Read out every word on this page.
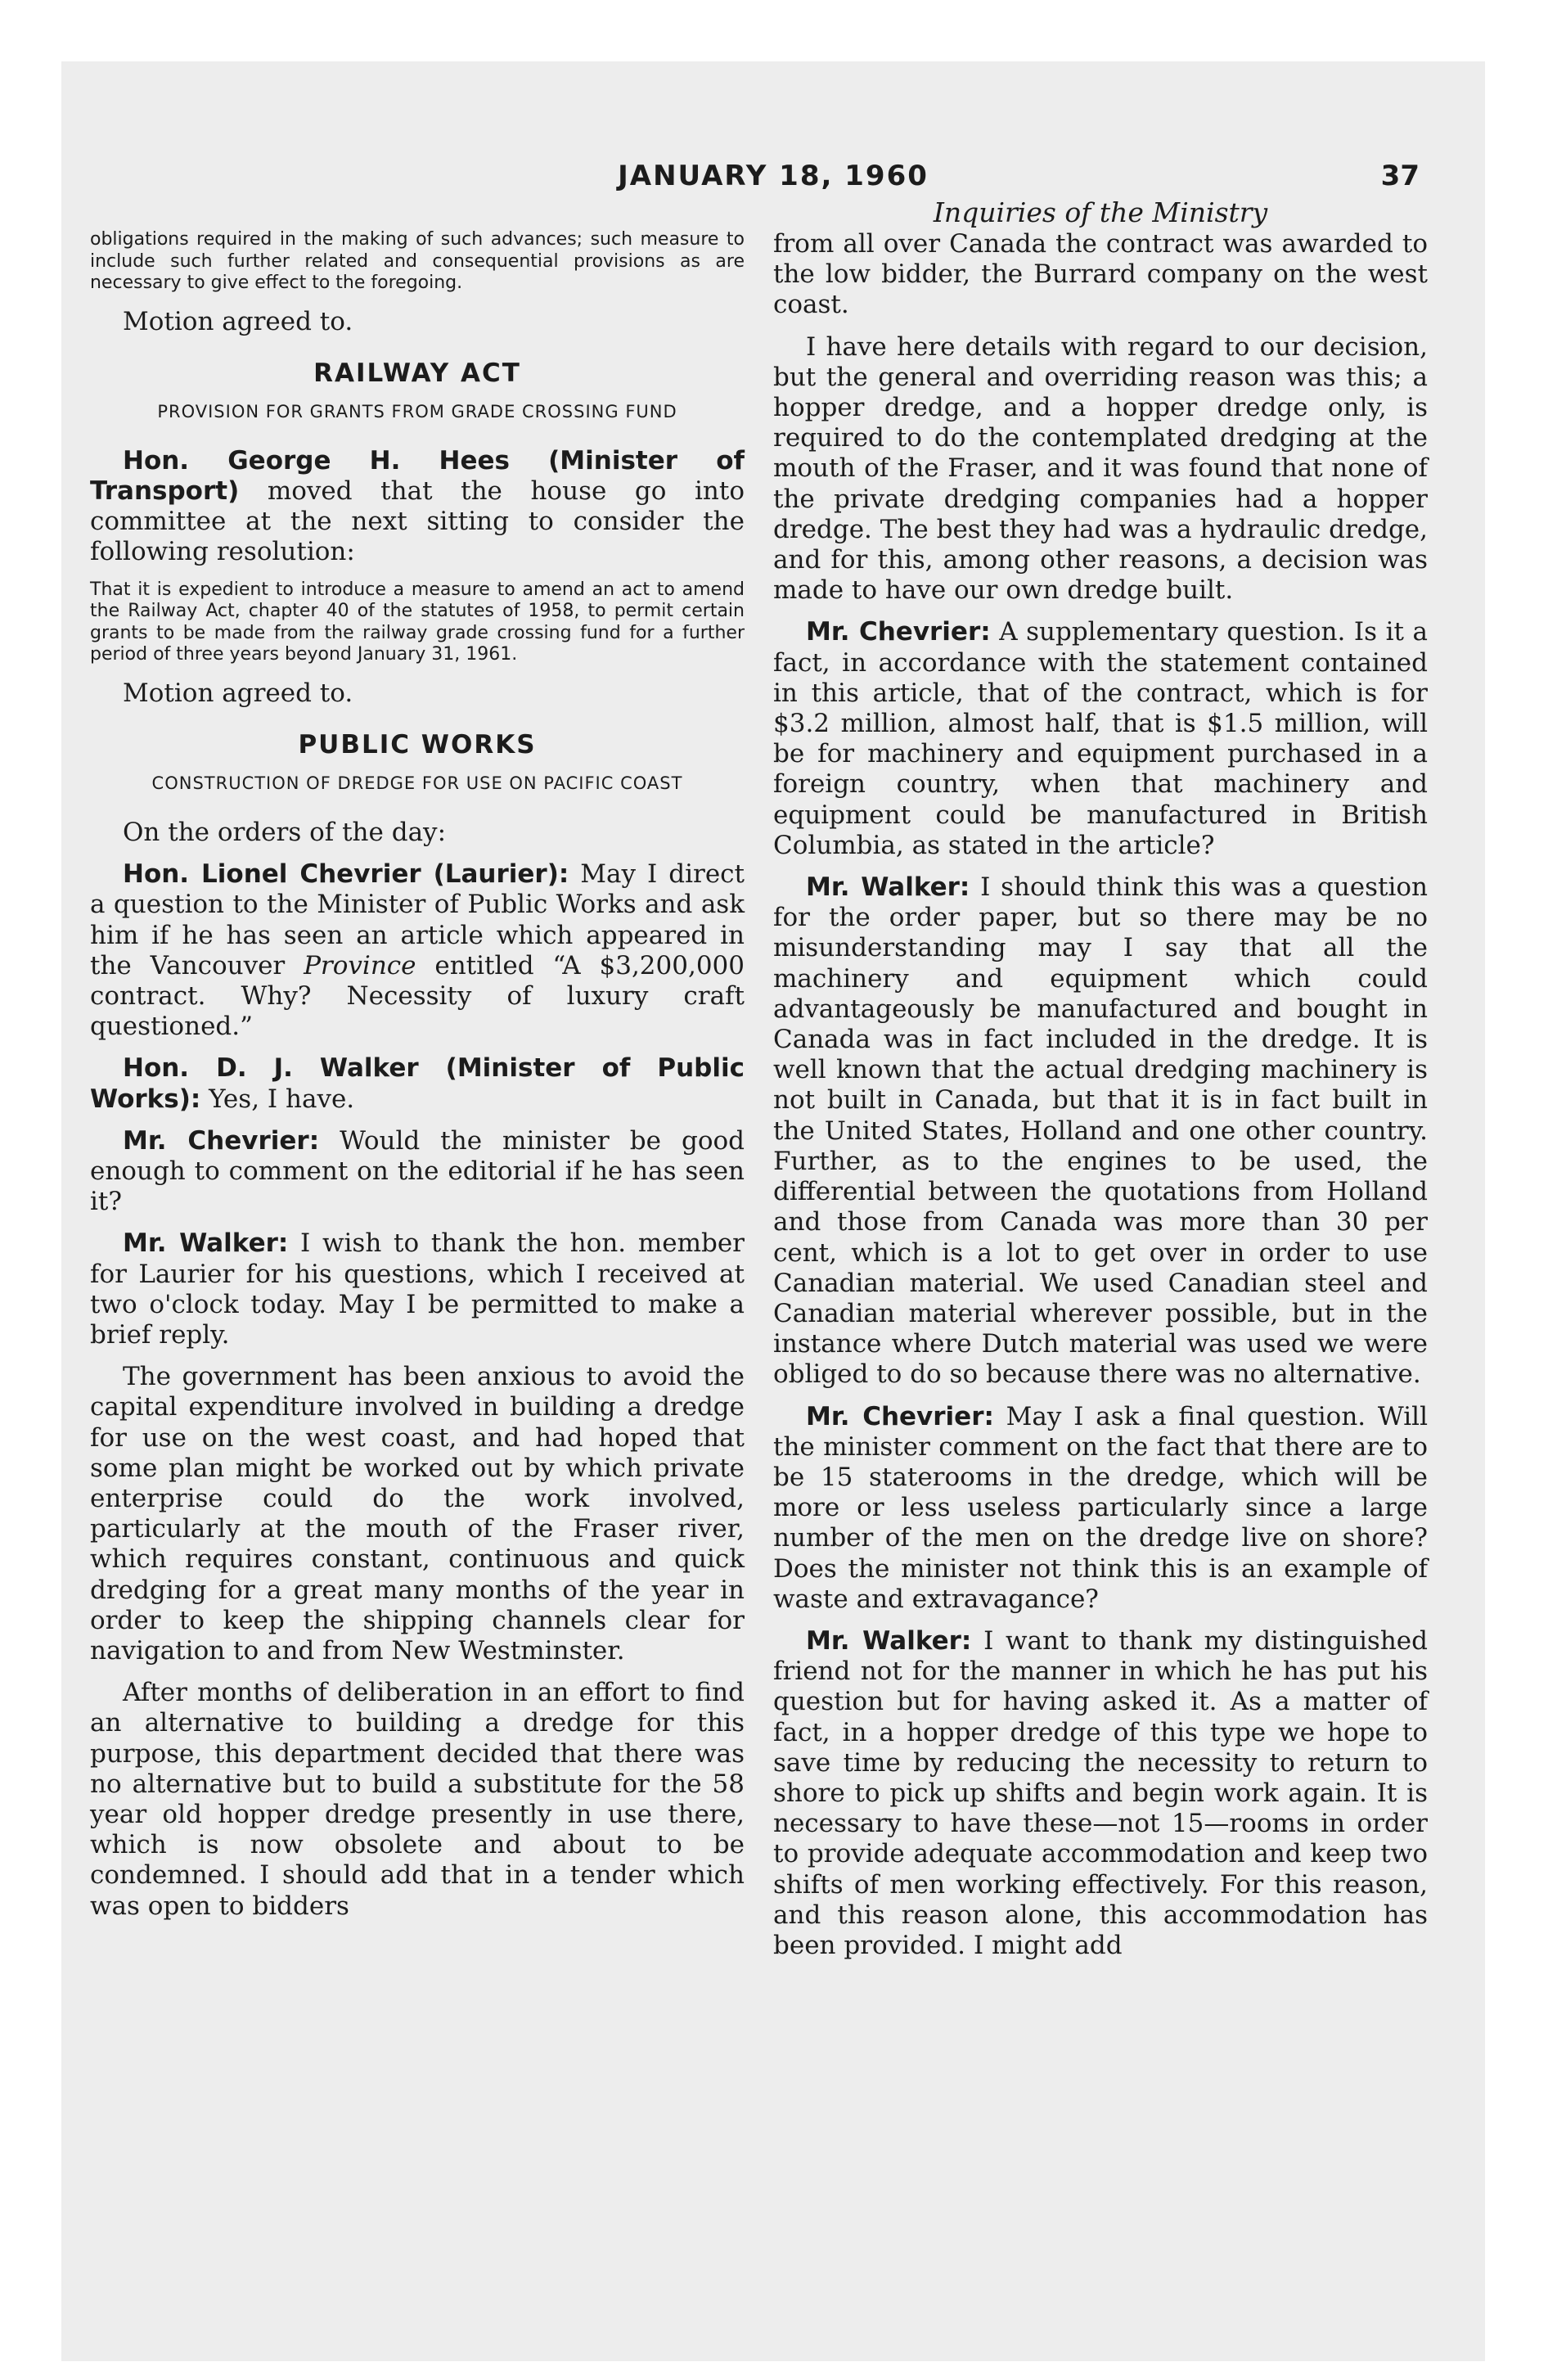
JANUARY 18, 1960	37

obligations required in the making of such advances; such measure to include such further related and consequential provisions as are necessary to give effect to the foregoing.

Motion agreed to.

RAILWAY ACT
PROVISION FOR GRANTS FROM GRADE CROSSING FUND

Hon. George H. Hees (Minister of Transport) moved that the house go into committee at the next sitting to consider the following resolution:

That it is expedient to introduce a measure to amend an act to amend the Railway Act, chapter 40 of the statutes of 1958, to permit certain grants to be made from the railway grade crossing fund for a further period of three years beyond January 31, 1961.

Motion agreed to.

PUBLIC WORKS
CONSTRUCTION OF DREDGE FOR USE ON PACIFIC COAST

On the orders of the day:

Hon. Lionel Chevrier (Laurier): May I direct a question to the Minister of Public Works and ask him if he has seen an article which appeared in the Vancouver Province entitled “A $3,200,000 contract. Why? Necessity of luxury craft questioned.”

Hon. D. J. Walker (Minister of Public Works): Yes, I have.

Mr. Chevrier: Would the minister be good enough to comment on the editorial if he has seen it?

Mr. Walker: I wish to thank the hon. member for Laurier for his questions, which I received at two o'clock today. May I be permitted to make a brief reply.

The government has been anxious to avoid the capital expenditure involved in building a dredge for use on the west coast, and had hoped that some plan might be worked out by which private enterprise could do the work involved, particularly at the mouth of the Fraser river, which requires constant, continuous and quick dredging for a great many months of the year in order to keep the shipping channels clear for navigation to and from New Westminster.

After months of deliberation in an effort to find an alternative to building a dredge for this purpose, this department decided that there was no alternative but to build a substitute for the 58 year old hopper dredge presently in use there, which is now obsolete and about to be condemned. I should add that in a tender which was open to bidders

Inquiries of the Ministry

from all over Canada the contract was awarded to the low bidder, the Burrard company on the west coast.

I have here details with regard to our decision, but the general and overriding reason was this; a hopper dredge, and a hopper dredge only, is required to do the contemplated dredging at the mouth of the Fraser, and it was found that none of the private dredging companies had a hopper dredge. The best they had was a hydraulic dredge, and for this, among other reasons, a decision was made to have our own dredge built.

Mr. Chevrier: A supplementary question. Is it a fact, in accordance with the statement contained in this article, that of the contract, which is for $3.2 million, almost half, that is $1.5 million, will be for machinery and equipment purchased in a foreign country, when that machinery and equipment could be manufactured in British Columbia, as stated in the article?

Mr. Walker: I should think this was a question for the order paper, but so there may be no misunderstanding may I say that all the machinery and equipment which could advantageously be manufactured and bought in Canada was in fact included in the dredge. It is well known that the actual dredging machinery is not built in Canada, but that it is in fact built in the United States, Holland and one other country. Further, as to the engines to be used, the differential between the quotations from Holland and those from Canada was more than 30 per cent, which is a lot to get over in order to use Canadian material. We used Canadian steel and Canadian material wherever possible, but in the instance where Dutch material was used we were obliged to do so because there was no alternative.

Mr. Chevrier: May I ask a final question. Will the minister comment on the fact that there are to be 15 staterooms in the dredge, which will be more or less useless particularly since a large number of the men on the dredge live on shore? Does the minister not think this is an example of waste and extravagance?

Mr. Walker: I want to thank my distinguished friend not for the manner in which he has put his question but for having asked it. As a matter of fact, in a hopper dredge of this type we hope to save time by reducing the necessity to return to shore to pick up shifts and begin work again. It is necessary to have these—not 15—rooms in order to provide adequate accommodation and keep two shifts of men working effectively. For this reason, and this reason alone, this accommodation has been provided. I might add
